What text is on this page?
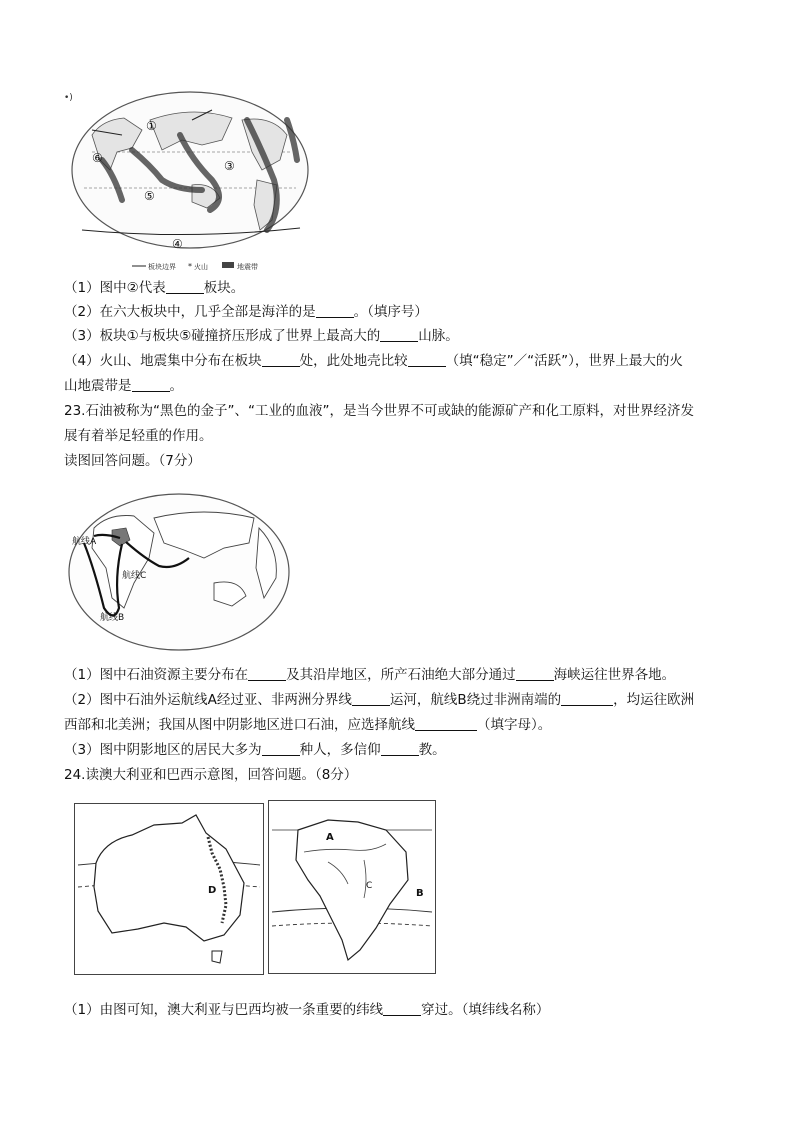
•)
①
③
⑤
⑥
④
板块边界 * 火山	地震带
（1）图中②代表	板块。
（2）在六大板块中，几乎全部是海洋的是	。（填序号）
（3）板块①与板块⑤碰撞挤压形成了世界上最高大的	山脉。
（4）火山、地震集中分布在板块	处，此处地壳比较	（填“稳定”／“活跃”），世界上最大的火
山地震带是	。
23.石油被称为“黑色的金子”、“工业的血液”，是当今世界不可或缺的能源矿产和化工原料，对世界经济发
展有着举足轻重的作用。
读图回答问题。（7分）
航线A
航线C
航线B
（1）图中石油资源主要分布在	及其沿岸地区，所产石油绝大部分通过	海峡运往世界各地。
（2）图中石油外运航线A经过亚、非两洲分界线	运河，航线B绕过非洲南端的	，均运往欧洲
西部和北美洲；我国从图中阴影地区进口石油，应选择航线	（填字母）。
（3）图中阴影地区的居民大多为	种人，多信仰	教。
24.读澳大利亚和巴西示意图，回答问题。（8分）
D
A
B
C
（1）由图可知，澳大利亚与巴西均被一条重要的纬线	穿过。（填纬线名称）
